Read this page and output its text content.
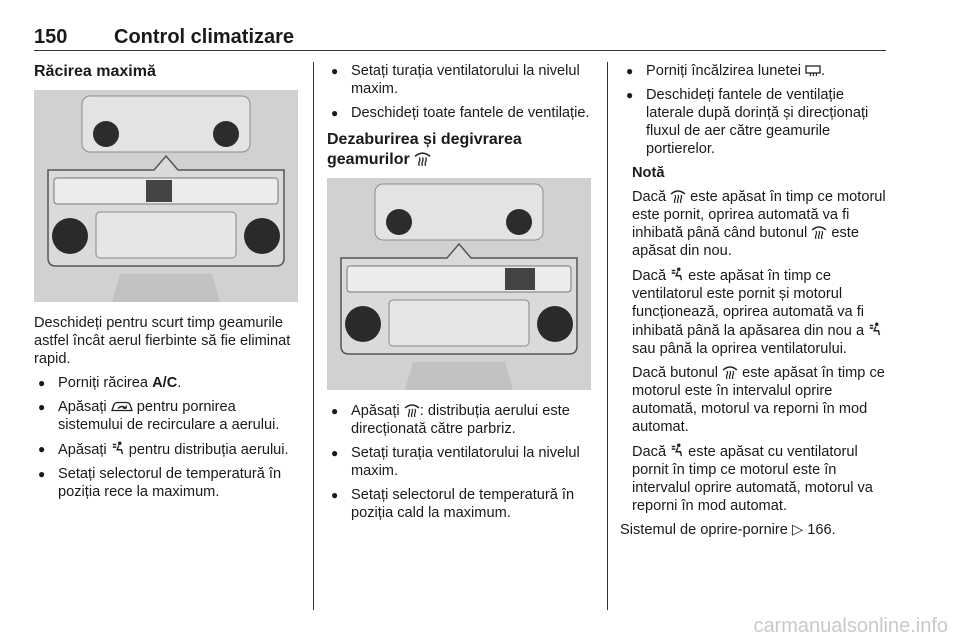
150 Control climatizare
Răcirea maximă

Deschideți pentru scurt timp geamurile astfel încât aerul fierbinte să fie eliminat rapid.

● Porniți răcirea A/C.
● Apăsați  pentru pornirea sistemului de recirculare a aerului.
● Apăsați  pentru distribuția aerului.
● Setați selectorul de temperatură în poziția rece la maximum.
● Setați turația ventilatorului la nivelul maxim.
● Deschideți toate fantele de ventilație.
Dezaburirea și degivrarea geamurilor
● Apăsați : distribuția aerului este direcționată către parbriz.
● Setați turația ventilatorului la nivelul maxim.
● Setați selectorul de temperatură în poziția cald la maximum.
● Porniți încălzirea lunetei .
● Deschideți fantele de ventilație laterale după dorință și direcționați fluxul de aer către geamurile portierelor.

Notă

Dacă  este apăsat în timp ce motorul este pornit, oprirea automată va fi inhibată până când butonul  este apăsat din nou.

Dacă  este apăsat în timp ce ventilatorul este pornit și motorul funcționează, oprirea automată va fi inhibată până la apăsarea din nou a  sau până la oprirea ventilatorului.

Dacă butonul  este apăsat în timp ce motorul este în intervalul oprire automată, motorul va reporni în mod automat.

Dacă  este apăsat cu ventilatorul pornit în timp ce motorul este în intervalul oprire automată, motorul va reporni în mod automat.

Sistemul de oprire-pornire ▷ 166.

carmanualsonline.info
